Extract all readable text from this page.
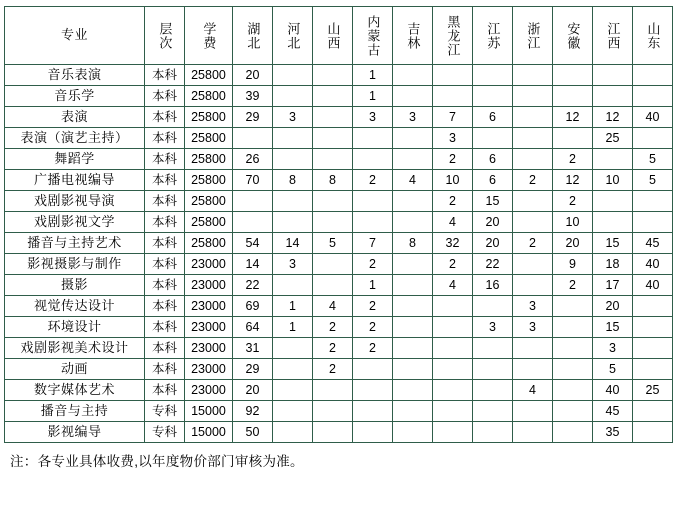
专业	层次	学费	湖北	河北	山西	内蒙古	吉林	黑龙江	江苏	浙江	安徽	江西	山东

音乐表演	本科	25800	20			1							
音乐学	本科	25800	39			1							
表演	本科	25800	29	3		3	3	7	6		12	12	40
表演（演艺主持）	本科	25800						3				25	
舞蹈学	本科	25800	26					2	6		2		5
广播电视编导	本科	25800	70	8	8	2	4	10	6	2	12	10	5
戏剧影视导演	本科	25800						2	15		2		
戏剧影视文学	本科	25800						4	20		10		
播音与主持艺术	本科	25800	54	14	5	7	8	32	20	2	20	15	45
影视摄影与制作	本科	23000	14	3		2		2	22		9	18	40
摄影	本科	23000	22			1		4	16		2	17	40
视觉传达设计	本科	23000	69	1	4	2				3		20	
环境设计	本科	23000	64	1	2	2			3	3		15	
戏剧影视美术设计	本科	23000	31		2	2						3	
动画	本科	23000	29		2							5	
数字媒体艺术	本科	23000	20							4		40	25
播音与主持	专科	15000	92									45	
影视编导	专科	15000	50									35	
注：各专业具体收费,以年度物价部门审核为准。
